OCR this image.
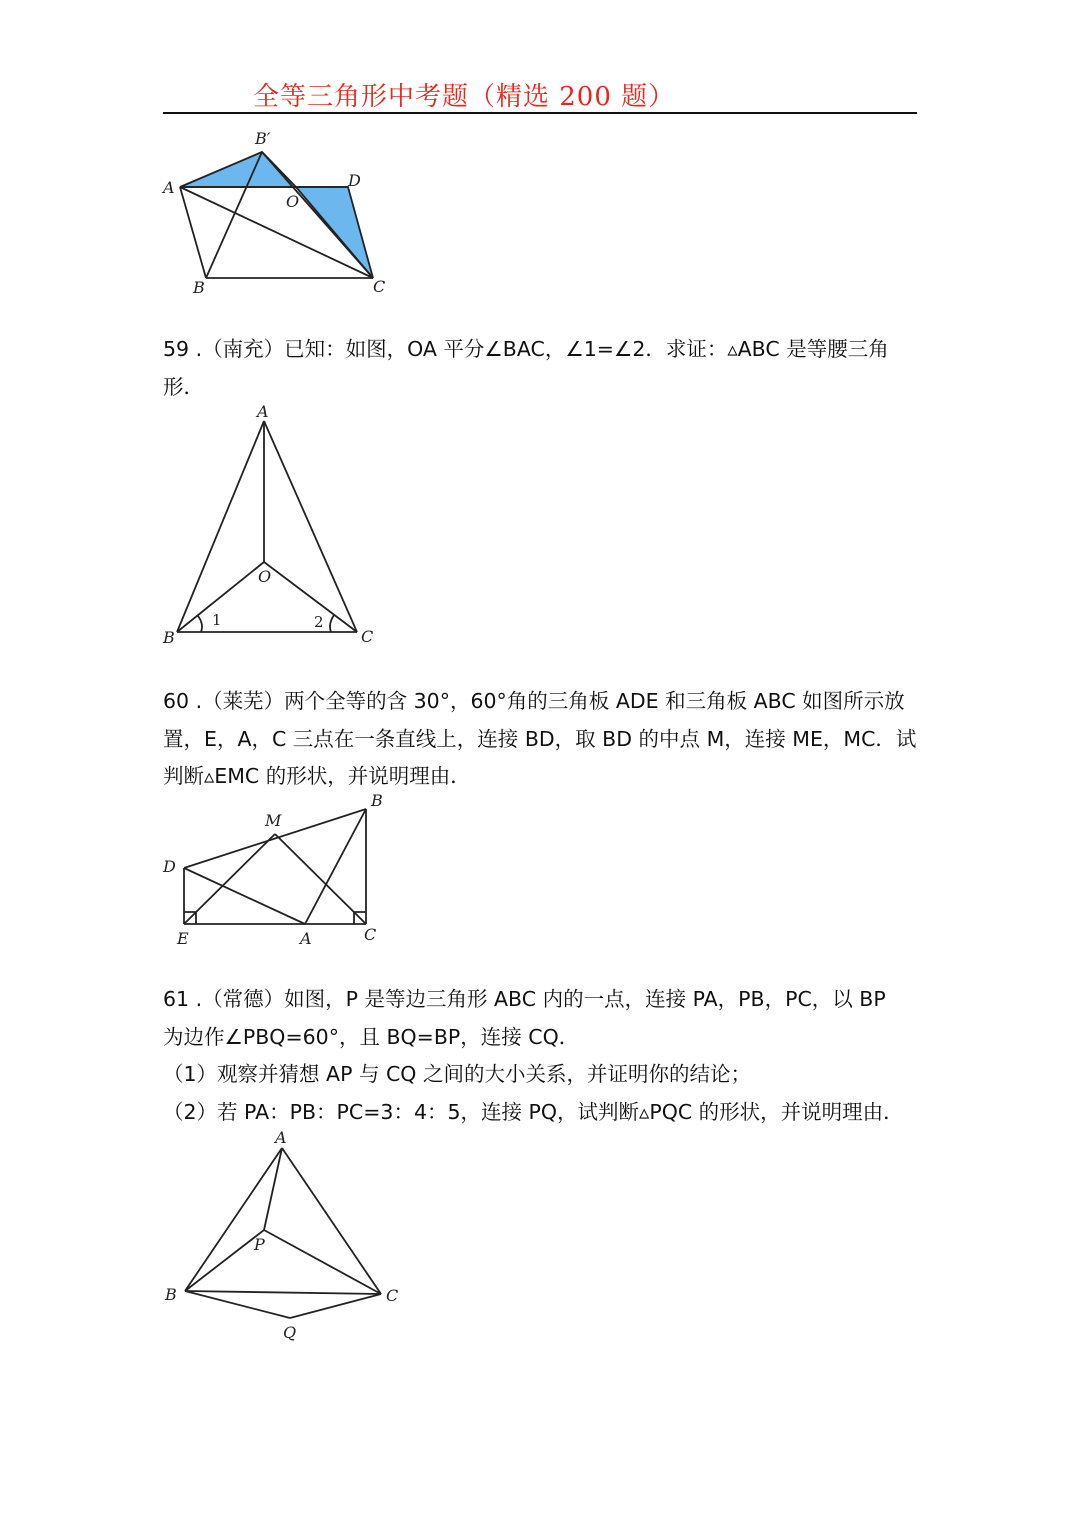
全等三角形中考题（精选 200 题）
B′
A
O
D
B	C
59 .（南充）已知：如图，OA 平分∠BAC，∠1=∠2．求证：▵ABC 是等腰三角
形．
A
O
B	C
1	2
60 .（莱芜）两个全等的含 30°，60°角的三角板 ADE 和三角板 ABC 如图所示放
置，E，A，C 三点在一条直线上，连接 BD，取 BD 的中点 M，连接 ME，MC．试
判断▵EMC 的形状，并说明理由．
B
M
D
E	A	C
61 .（常德）如图，P 是等边三角形 ABC 内的一点，连接 PA，PB，PC，以 BP
为边作∠PBQ=60°，且 BQ=BP，连接 CQ．
（1）观察并猜想 AP 与 CQ 之间的大小关系，并证明你的结论；
（2）若 PA：PB：PC=3：4：5，连接 PQ，试判断▵PQC 的形状，并说明理由．
A
P
B	C
Q
